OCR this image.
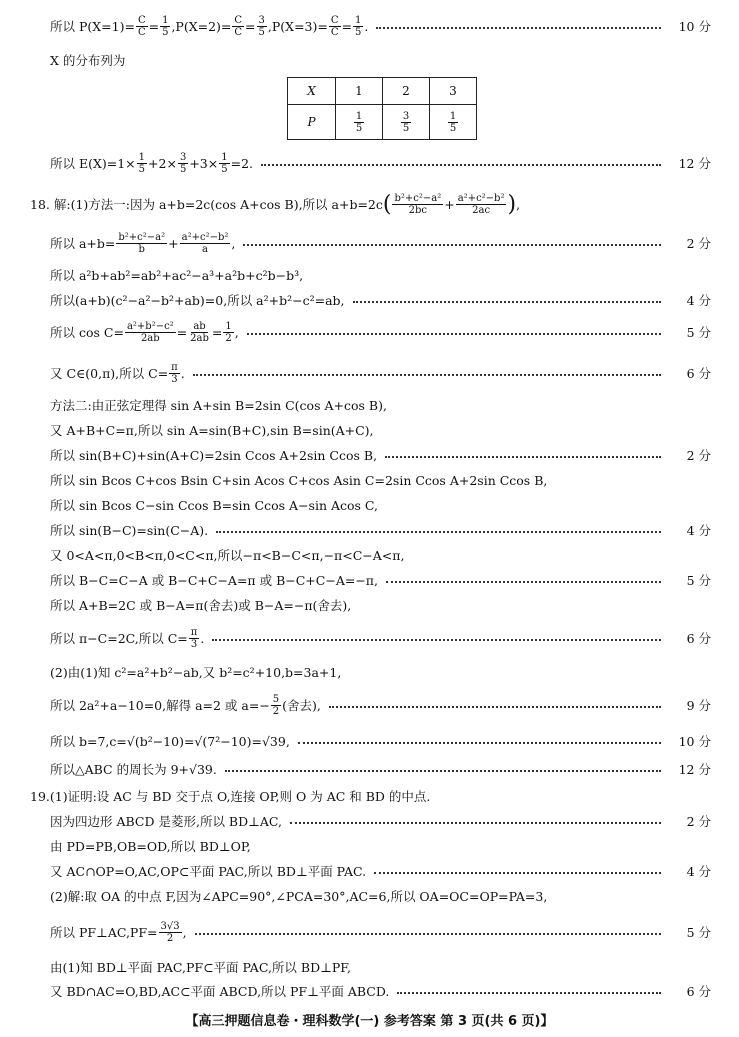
所以 $P(X=1)= \frac{C}{C} = \frac{1}{5} ,P(X=2)= \frac{C}{C} = \frac{3}{5} ,P(X=3)= \frac{C}{C} = \frac{1}{5}$ .	10 分
X 的分布列为
X	1	2	3
P	$\frac{1}{5}$	$\frac{3}{5}$	$\frac{1}{5}$
所以 $E(X)=1\times \frac{1}{5} +2\times \frac{3}{5} +3\times \frac{1}{5} =2$.	12 分
18. 解:(1)方法一:因为 a+b=2c(cos A+cos B),所以 a+b=2c ( $\frac{\text{b²+c²−a²}}{2bc} + \frac{\text{a²+c²−b²}}{2ac}$ ) ,
所以 $a+b= \frac{\text{b²+c²−a²}}{b} + \frac{\text{a²+c²−b²}}{a}$ ,	2 分
所以 a²b+ab²=ab²+ac²−a³+a²b+c²b−b³,
所以(a+b)(c²−a²−b²+ab)=0,所以 a²+b²−c²=ab,	4 分
所以 $\cos C= \frac{\text{a²+b²−c²}}{2ab} = \frac{ab}{2ab} = \frac{1}{2}$ ,	5 分
又 C∈(0,π),所以 $C= \frac{\pi}{3}$ .	6 分
方法二:由正弦定理得 sin A+sin B=2sin C(cos A+cos B),
又 A+B+C=π,所以 sin A=sin(B+C),sin B=sin(A+C),
所以 sin(B+C)+sin(A+C)=2sin Ccos A+2sin Ccos B,	2 分
所以 sin Bcos C+cos Bsin C+sin Acos C+cos Asin C=2sin Ccos A+2sin Ccos B,
所以 sin Bcos C−sin Ccos B=sin Ccos A−sin Acos C,
所以 sin(B−C)=sin(C−A).	4 分
又 0<A<π,0<B<π,0<C<π,所以−π<B−C<π,−π<C−A<π,
所以 B−C=C−A 或 B−C+C−A=π 或 B−C+C−A=−π,	5 分
所以 A+B=2C 或 B−A=π(舍去)或 B−A=−π(舍去),
所以 π−C=2C,所以 $C= \frac{\pi}{3}$ .	6 分
(2)由(1)知 c²=a²+b²−ab,又 b²=c²+10,b=3a+1,
所以 2a²+a−10=0,解得 a=2 或 $a=- \frac{5}{2}$ (舍去),	9 分
所以 b=7,c=√(b²−10)=√(7²−10)=√39,	10 分
所以△ABC 的周长为 9+√39.	12 分
19.(1)证明:设 AC 与 BD 交于点 O,连接 OP,则 O 为 AC 和 BD 的中点.
因为四边形 ABCD 是菱形,所以 BD⊥AC,	2 分
由 PD=PB,OB=OD,所以 BD⊥OP,
又 AC∩OP=O,AC,OP⊂平面 PAC,所以 BD⊥平面 PAC.	4 分
(2)解:取 OA 的中点 F,因为∠APC=90°,∠PCA=30°,AC=6,所以 OA=OC=OP=PA=3,
所以 PF⊥AC,PF= $\frac{3√3}{2}$ ,	5 分
由(1)知 BD⊥平面 PAC,PF⊂平面 PAC,所以 BD⊥PF,
又 BD∩AC=O,BD,AC⊂平面 ABCD,所以 PF⊥平面 ABCD.	6 分
【高三押题信息卷・理科数学(一) 参考答案 第 3 页(共 6 页)】
